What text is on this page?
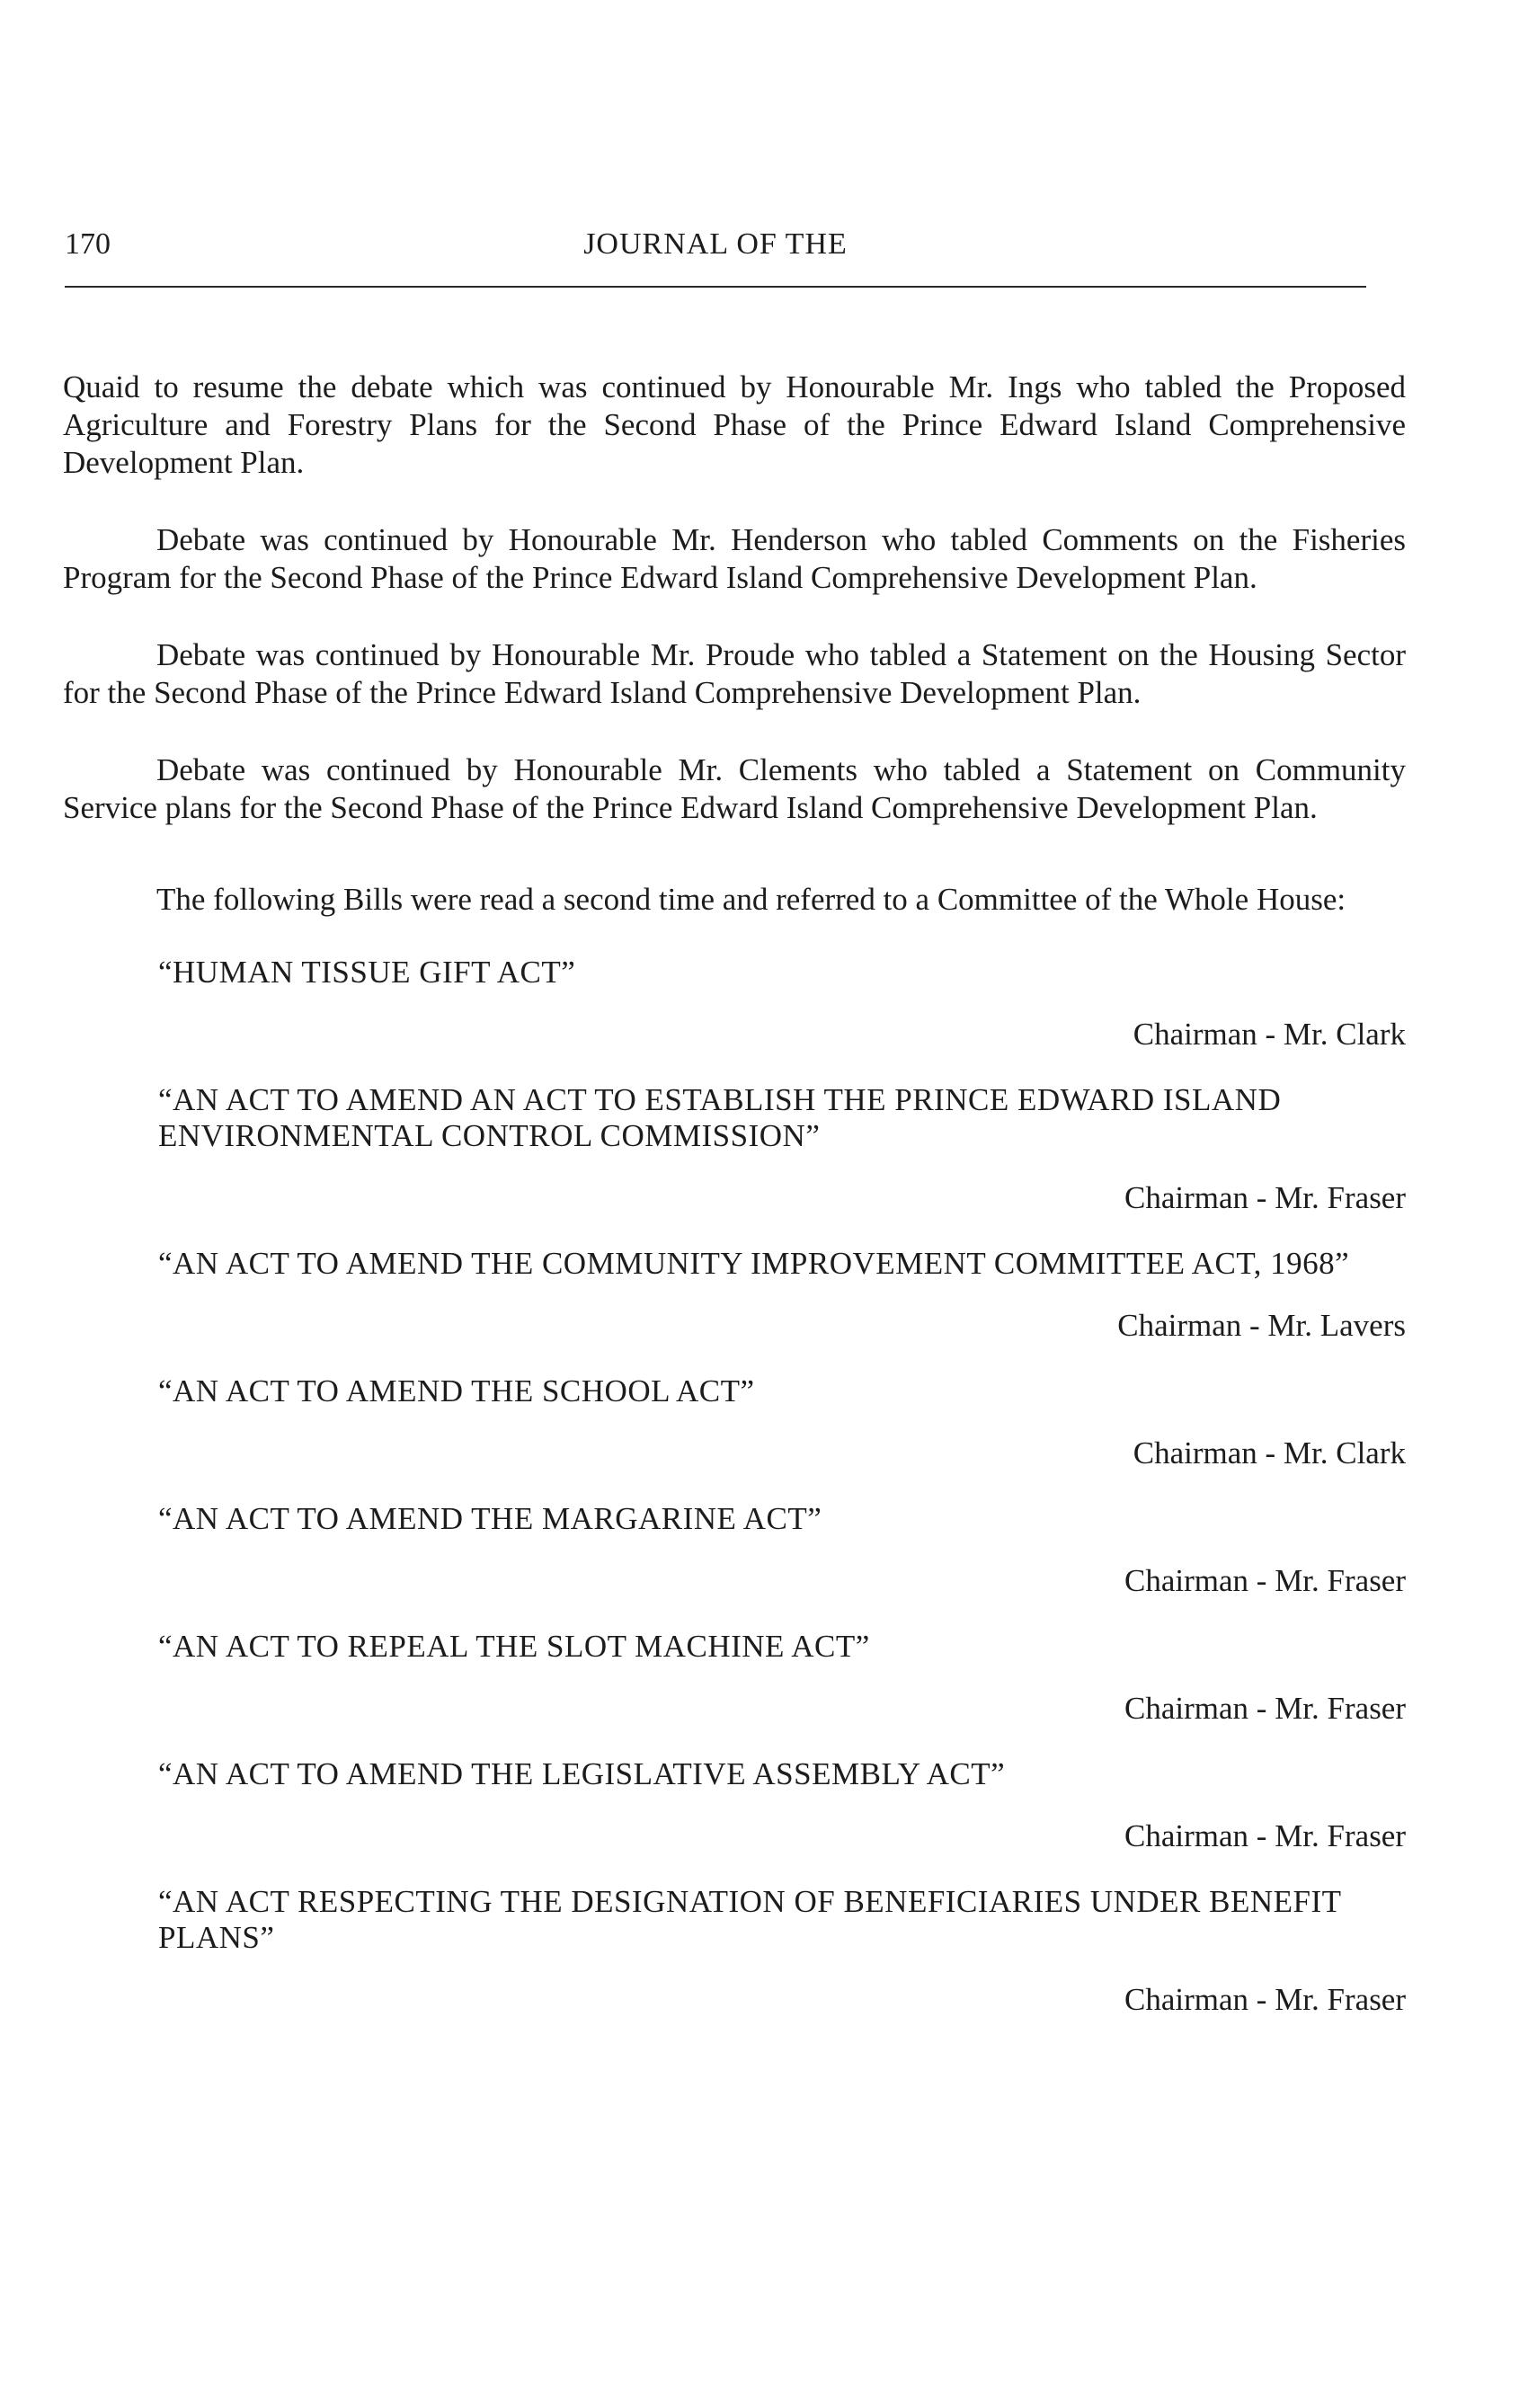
170	JOURNAL OF THE

Quaid to resume the debate which was continued by Honourable Mr. Ings who tabled the Proposed Agriculture and Forestry Plans for the Second Phase of the Prince Edward Island Comprehensive Development Plan.

Debate was continued by Honourable Mr. Henderson who tabled Comments on the Fisheries Program for the Second Phase of the Prince Edward Island Comprehensive Development Plan.

Debate was continued by Honourable Mr. Proude who tabled a Statement on the Housing Sector for the Second Phase of the Prince Edward Island Comprehensive Development Plan.

Debate was continued by Honourable Mr. Clements who tabled a Statement on Community Service plans for the Second Phase of the Prince Edward Island Comprehensive Development Plan.

The following Bills were read a second time and referred to a Committee of the Whole House:

“HUMAN TISSUE GIFT ACT”
Chairman - Mr. Clark
“AN ACT TO AMEND AN ACT TO ESTABLISH THE PRINCE EDWARD ISLAND ENVIRONMENTAL CONTROL COMMISSION”
Chairman - Mr. Fraser
“AN ACT TO AMEND THE COMMUNITY IMPROVEMENT COMMITTEE ACT, 1968”
Chairman - Mr. Lavers
“AN ACT TO AMEND THE SCHOOL ACT”
Chairman - Mr. Clark
“AN ACT TO AMEND THE MARGARINE ACT”
Chairman - Mr. Fraser
“AN ACT TO REPEAL THE SLOT MACHINE ACT”
Chairman - Mr. Fraser
“AN ACT TO AMEND THE LEGISLATIVE ASSEMBLY ACT”
Chairman - Mr. Fraser
“AN ACT RESPECTING THE DESIGNATION OF BENEFICIARIES UNDER BENEFIT PLANS”
Chairman - Mr. Fraser
